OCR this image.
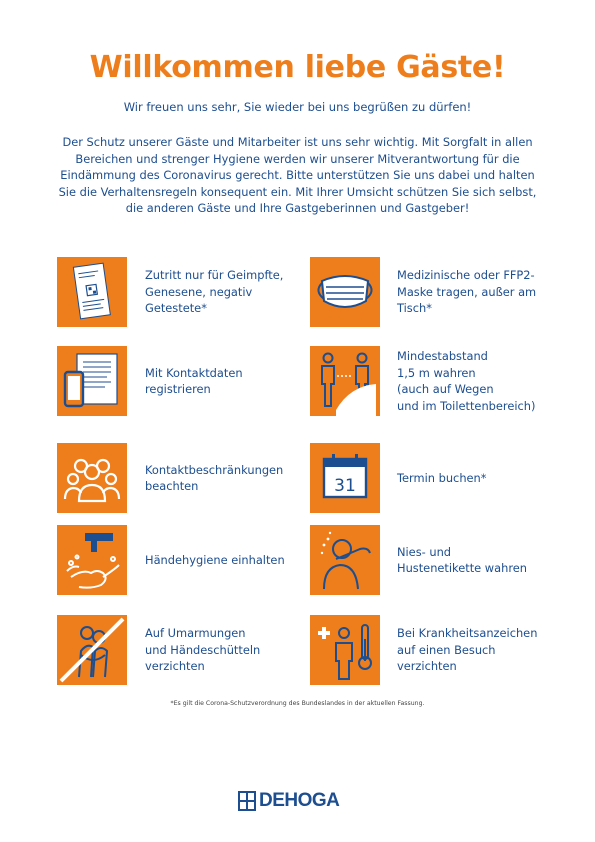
Willkommen liebe Gäste!
Wir freuen uns sehr, Sie wieder bei uns begrüßen zu dürfen!
Der Schutz unserer Gäste und Mitarbeiter ist uns sehr wichtig. Mit Sorgfalt in allen
Bereichen und strenger Hygiene werden wir unserer Mitverantwortung für die
Eindämmung des Coronavirus gerecht. Bitte unterstützen Sie uns dabei und halten
Sie die Verhaltensregeln konsequent ein. Mit Ihrer Umsicht schützen Sie sich selbst,
die anderen Gäste und Ihre Gastgeberinnen und Gastgeber!
Zutritt nur für Geimpfte,
Genesene, negativ
Getestete*
Mit Kontaktdaten
registrieren
Kontaktbeschränkungen
beachten
Händehygiene einhalten
Auf Umarmungen
und Händeschütteln
verzichten
Medizinische oder FFP2-
Maske tragen, außer am
Tisch*
Mindestabstand
1,5 m wahren
(auch auf Wegen
und im Toilettenbereich)
31	Termin buchen*
Nies- und
Hustenetikette wahren
Bei Krankheitsanzeichen
auf einen Besuch
verzichten
*Es gilt die Corona-Schutzverordnung des Bundeslandes in der aktuellen Fassung.
DEHOGA
